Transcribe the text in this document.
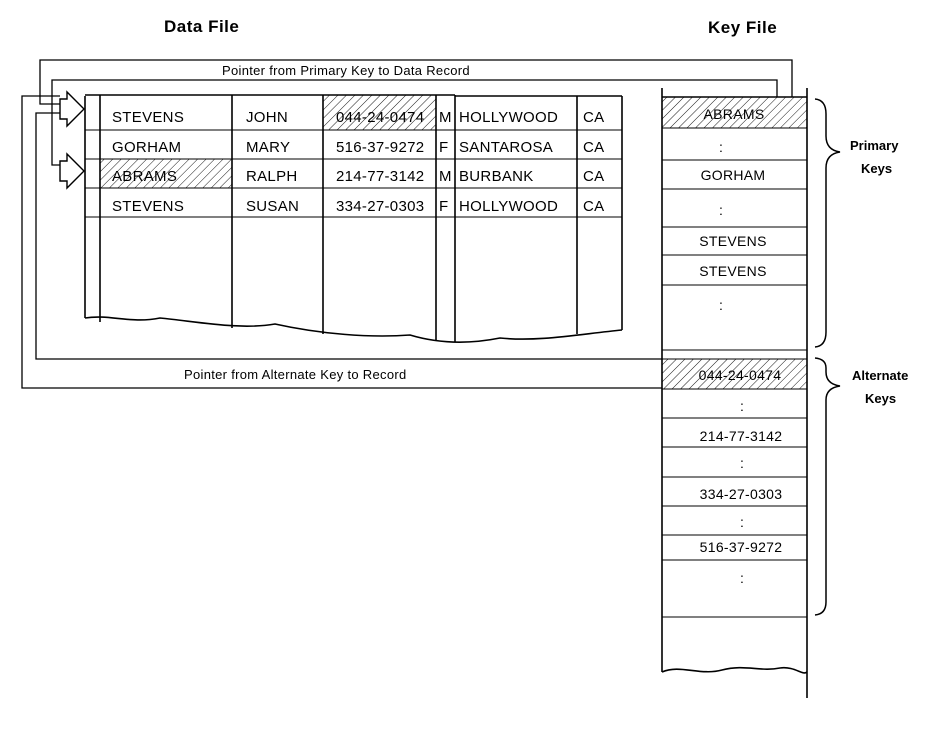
Data File	Key File
Pointer from Primary Key to Data Record
Pointer from Alternate Key to Record
STEVENS	JOHN	044-24-0474 M HOLLYWOOD CA
GORHAM	MARY	516-37-9272 F SANTAROSA CA
ABRAMS	RALPH	214-77-3142 M BURBANK	CA
STEVENS	SUSAN 334-27-0303 F HOLLYWOOD CA
ABRAMS
:
GORHAM
:
STEVENS
STEVENS
:
044-24-0474
:
214-77-3142
:
334-27-0303
:
516-37-9272
:
Primary
Keys
Alternate
Keys
